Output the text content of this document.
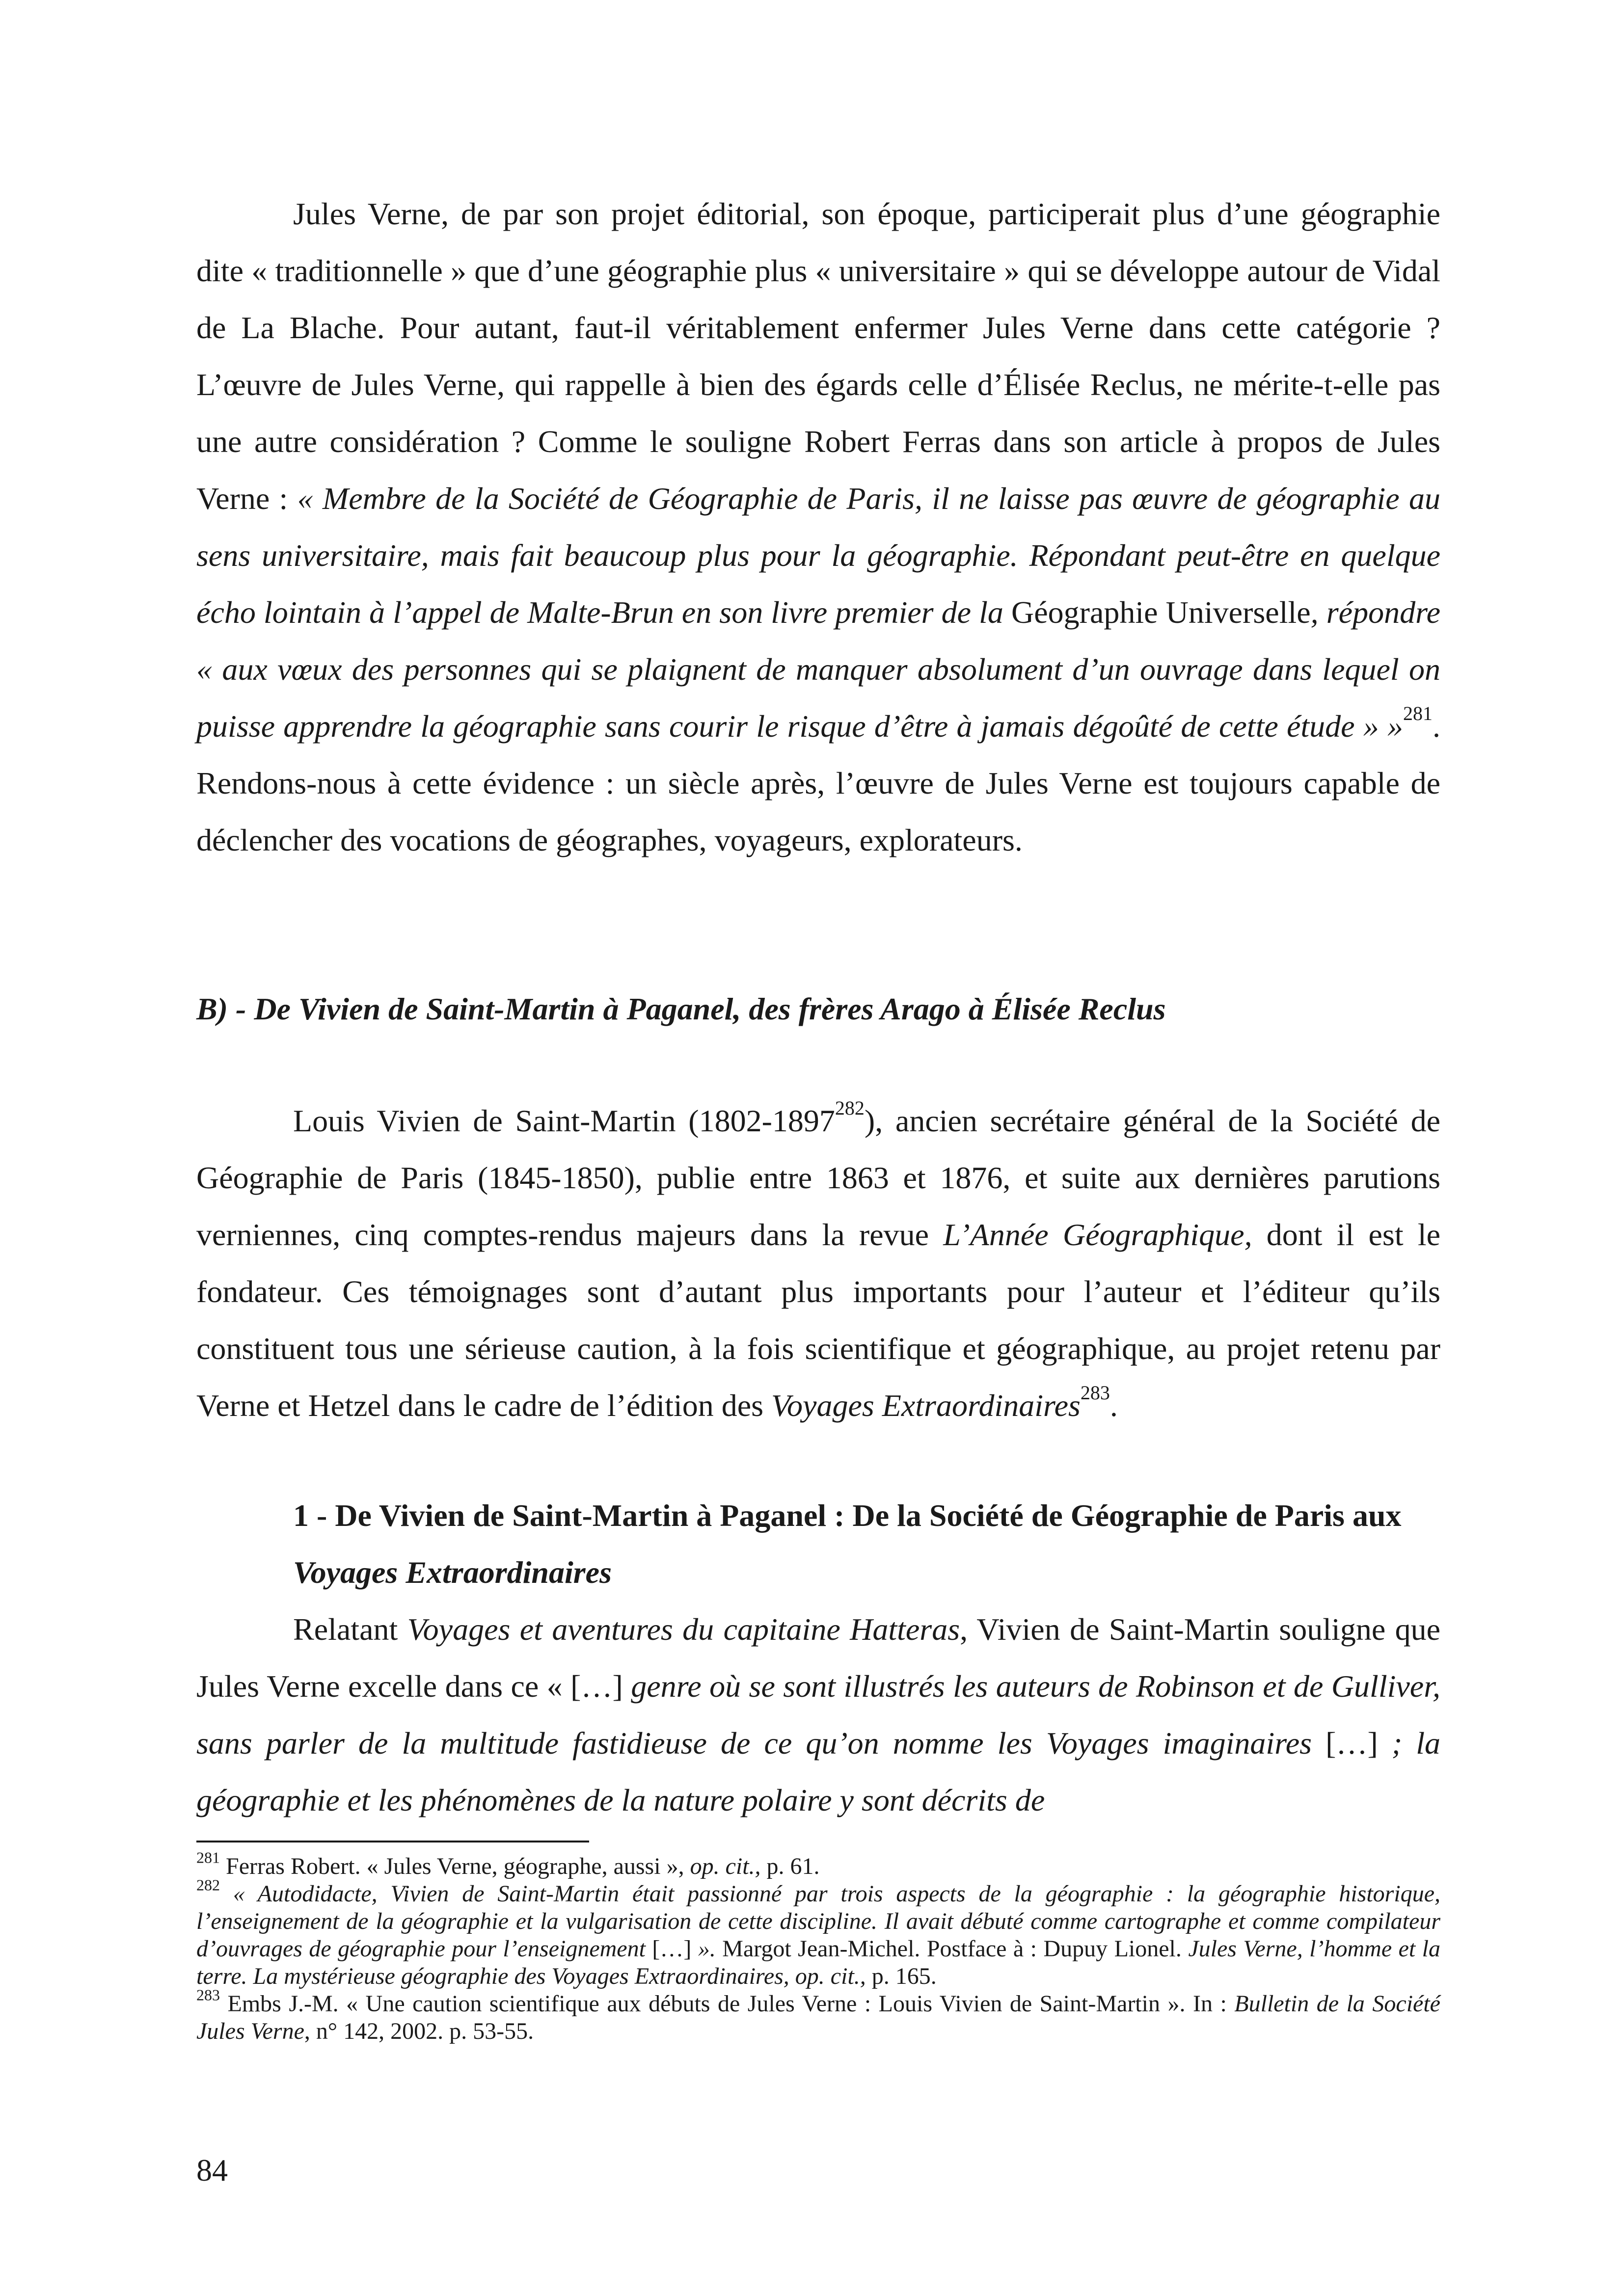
Jules Verne, de par son projet éditorial, son époque, participerait plus d’une géographie dite « traditionnelle » que d’une géographie plus « universitaire » qui se développe autour de Vidal de La Blache. Pour autant, faut-il véritablement enfermer Jules Verne dans cette catégorie ? L’œuvre de Jules Verne, qui rappelle à bien des égards celle d’Élisée Reclus, ne mérite-t-elle pas une autre considération ? Comme le souligne Robert Ferras dans son article à propos de Jules Verne : « Membre de la Société de Géographie de Paris, il ne laisse pas œuvre de géographie au sens universitaire, mais fait beaucoup plus pour la géographie. Répondant peut-être en quelque écho lointain à l’appel de Malte-Brun en son livre premier de la Géographie Universelle, répondre « aux vœux des personnes qui se plaignent de manquer absolument d’un ouvrage dans lequel on puisse apprendre la géographie sans courir le risque d’être à jamais dégoûté de cette étude » »$^{281}$. Rendons-nous à cette évidence : un siècle après, l’œuvre de Jules Verne est toujours capable de déclencher des vocations de géographes, voyageurs, explorateurs.

B) - De Vivien de Saint-Martin à Paganel, des frères Arago à Élisée Reclus

Louis Vivien de Saint-Martin (1802-1897$^{282}$), ancien secrétaire général de la Société de Géographie de Paris (1845-1850), publie entre 1863 et 1876, et suite aux dernières parutions verniennes, cinq comptes-rendus majeurs dans la revue L’Année Géographique, dont il est le fondateur. Ces témoignages sont d’autant plus importants pour l’auteur et l’éditeur qu’ils constituent tous une sérieuse caution, à la fois scientifique et géographique, au projet retenu par Verne et Hetzel dans le cadre de l’édition des Voyages Extraordinaires$^{283}$.

1 - De Vivien de Saint-Martin à Paganel : De la Société de Géographie de Paris aux Voyages Extraordinaires

Relatant Voyages et aventures du capitaine Hatteras, Vivien de Saint-Martin souligne que Jules Verne excelle dans ce « […] genre où se sont illustrés les auteurs de Robinson et de Gulliver, sans parler de la multitude fastidieuse de ce qu’on nomme les Voyages imaginaires […] ; la géographie et les phénomènes de la nature polaire y sont décrits de

$^{281}$ Ferras Robert. « Jules Verne, géographe, aussi », op. cit., p. 61.

$^{282}$ « Autodidacte, Vivien de Saint-Martin était passionné par trois aspects de la géographie : la géographie historique, l’enseignement de la géographie et la vulgarisation de cette discipline. Il avait débuté comme cartographe et comme compilateur d’ouvrages de géographie pour l’enseignement […] ». Margot Jean-Michel. Postface à : Dupuy Lionel. Jules Verne, l’homme et la terre. La mystérieuse géographie des Voyages Extraordinaires, op. cit., p. 165.

$^{283}$ Embs J.-M. « Une caution scientifique aux débuts de Jules Verne : Louis Vivien de Saint-Martin ». In : Bulletin de la Société Jules Verne, n° 142, 2002. p. 53-55.

84
